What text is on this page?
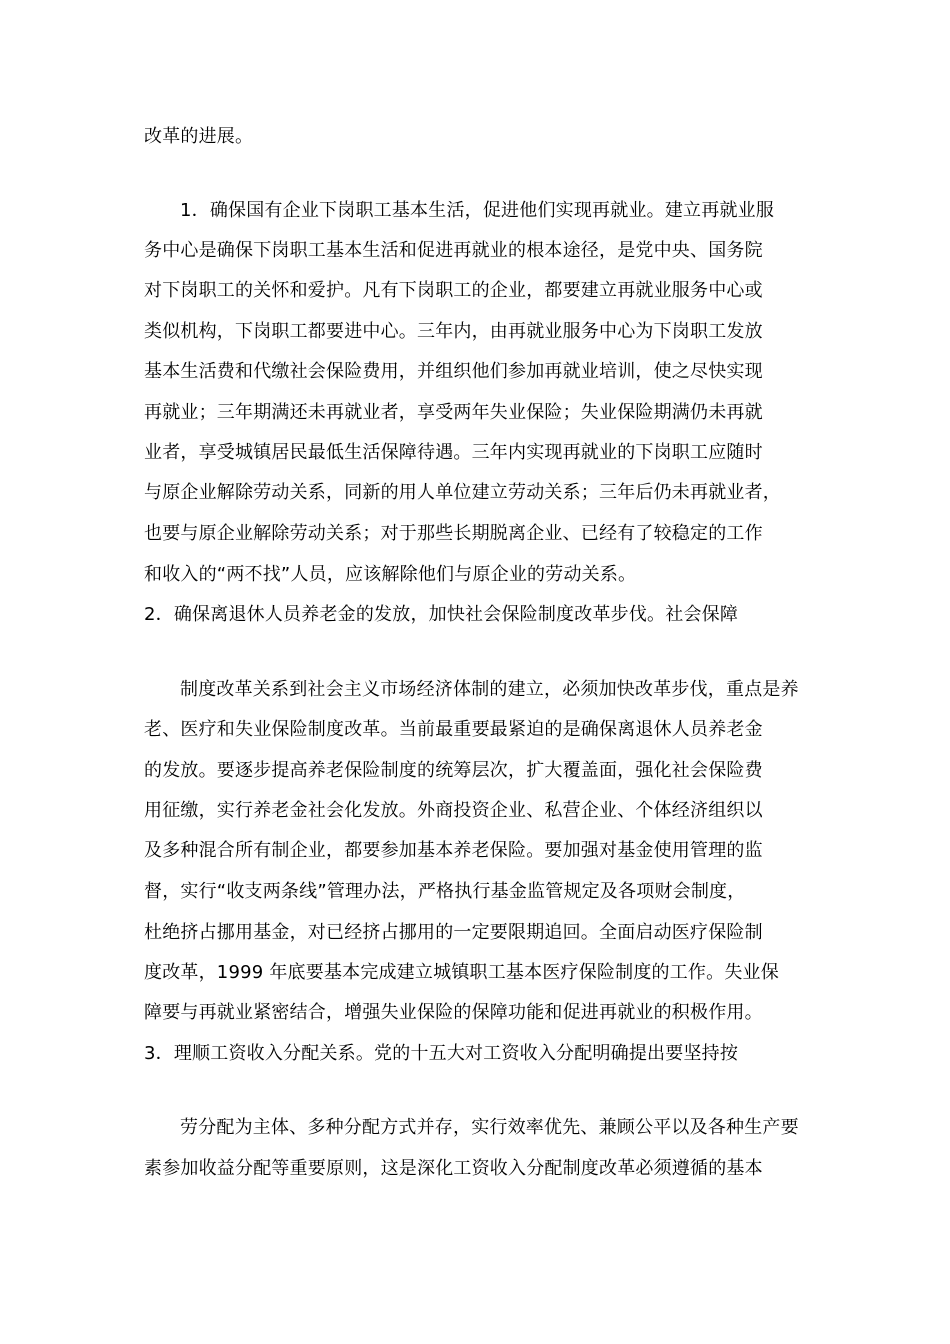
改革的进展。
1．确保国有企业下岗职工基本生活，促进他们实现再就业。建立再就业服
务中心是确保下岗职工基本生活和促进再就业的根本途径，是党中央、国务院
对下岗职工的关怀和爱护。凡有下岗职工的企业，都要建立再就业服务中心或
类似机构，下岗职工都要进中心。三年内，由再就业服务中心为下岗职工发放
基本生活费和代缴社会保险费用，并组织他们参加再就业培训，使之尽快实现
再就业；三年期满还未再就业者，享受两年失业保险；失业保险期满仍未再就
业者，享受城镇居民最低生活保障待遇。三年内实现再就业的下岗职工应随时
与原企业解除劳动关系，同新的用人单位建立劳动关系；三年后仍未再就业者，
也要与原企业解除劳动关系；对于那些长期脱离企业、已经有了较稳定的工作
和收入的“两不找”人员，应该解除他们与原企业的劳动关系。
2．确保离退休人员养老金的发放，加快社会保险制度改革步伐。社会保障
制度改革关系到社会主义市场经济体制的建立，必须加快改革步伐，重点是养
老、医疗和失业保险制度改革。当前最重要最紧迫的是确保离退休人员养老金
的发放。要逐步提高养老保险制度的统筹层次，扩大覆盖面，强化社会保险费
用征缴，实行养老金社会化发放。外商投资企业、私营企业、个体经济组织以
及多种混合所有制企业，都要参加基本养老保险。要加强对基金使用管理的监
督，实行“收支两条线”管理办法，严格执行基金监管规定及各项财会制度，
杜绝挤占挪用基金，对已经挤占挪用的一定要限期追回。全面启动医疗保险制
度改革，1999 年底要基本完成建立城镇职工基本医疗保险制度的工作。失业保
障要与再就业紧密结合，增强失业保险的保障功能和促进再就业的积极作用。
3．理顺工资收入分配关系。党的十五大对工资收入分配明确提出要坚持按
劳分配为主体、多种分配方式并存，实行效率优先、兼顾公平以及各种生产要
素参加收益分配等重要原则，这是深化工资收入分配制度改革必须遵循的基本
